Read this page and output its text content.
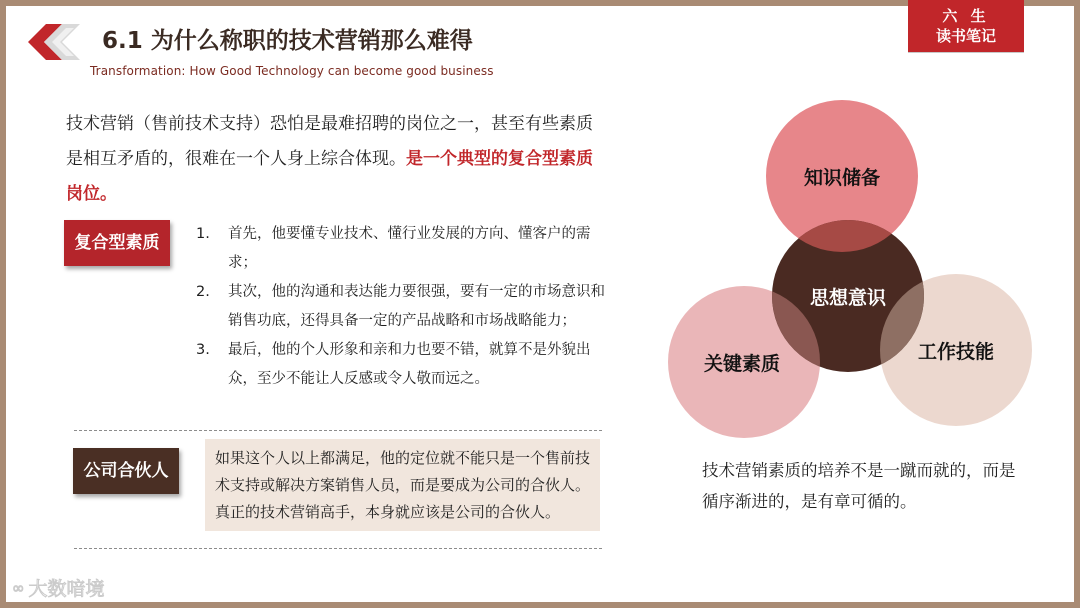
6.1 为什么称职的技术营销那么难得
Transformation: How Good Technology can become good business
六 生
读书笔记
技术营销（售前技术支持）恐怕是最难招聘的岗位之一，甚至有些素质是相互矛盾的，很难在一个人身上综合体现。是一个典型的复合型素质岗位。
复合型素质	1.	首先，他要懂专业技术、懂行业发展的方向、懂客户的需求；
2.	其次，他的沟通和表达能力要很强，要有一定的市场意识和销售功底，还得具备一定的产品战略和市场战略能力；
3.	最后，他的个人形象和亲和力也要不错，就算不是外貌出众，至少不能让人反感或令人敬而远之。
公司合伙人
如果这个人以上都满足，他的定位就不能只是一个售前技术支持或解决方案销售人员，而是要成为公司的合伙人。真正的技术营销高手，本身就应该是公司的合伙人。
知识储备
思想意识
关键素质
工作技能
技术营销素质的培养不是一蹴而就的，而是循序渐进的，是有章可循的。
∞ 大数喑境
